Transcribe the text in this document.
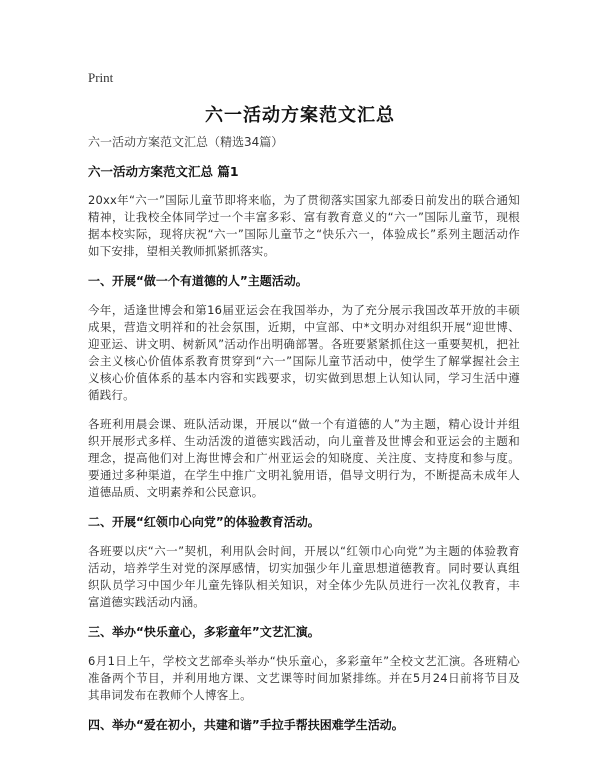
Print
六一活动方案范文汇总
六一活动方案范文汇总（精选34篇）
六一活动方案范文汇总 篇1

20xx年“六一”国际儿童节即将来临，为了贯彻落实国家九部委日前发出的联合通知精神，让我校全体同学过一个丰富多彩、富有教育意义的“六一”国际儿童节，现根据本校实际，现将庆祝“六一”国际儿童节之“快乐六一，体验成长”系列主题活动作如下安排，望相关教师抓紧抓落实。

一、开展“做一个有道德的人”主题活动。

今年，适逢世博会和第16届亚运会在我国举办，为了充分展示我国改革开放的丰硕成果，营造文明祥和的社会氛围，近期，中宣部、中*文明办对组织开展“迎世博、迎亚运、讲文明、树新风”活动作出明确部署。各班要紧紧抓住这一重要契机，把社会主义核心价值体系教育贯穿到“六一”国际儿童节活动中，使学生了解掌握社会主义核心价值体系的基本内容和实践要求，切实做到思想上认知认同，学习生活中遵循践行。

各班利用晨会课、班队活动课，开展以“做一个有道德的人”为主题，精心设计并组织开展形式多样、生动活泼的道德实践活动，向儿童普及世博会和亚运会的主题和理念，提高他们对上海世博会和广州亚运会的知晓度、关注度、支持度和参与度。要通过多种渠道，在学生中推广文明礼貌用语，倡导文明行为，不断提高未成年人道德品质、文明素养和公民意识。

二、开展“红领巾心向党”的体验教育活动。

各班要以庆“六一”契机，利用队会时间，开展以“红领巾心向党”为主题的体验教育活动，培养学生对党的深厚感情，切实加强少年儿童思想道德教育。同时要认真组织队员学习中国少年儿童先锋队相关知识，对全体少先队员进行一次礼仪教育，丰富道德实践活动内涵。

三、举办“快乐童心，多彩童年”文艺汇演。

6月1日上午，学校文艺部牵头举办“快乐童心，多彩童年”全校文艺汇演。各班精心准备两个节目，并利用地方课、文艺课等时间加紧排练。并在5月24日前将节目及其串词发布在教师个人博客上。

四、举办“爱在初小，共建和谐”手拉手帮扶困难学生活动。
